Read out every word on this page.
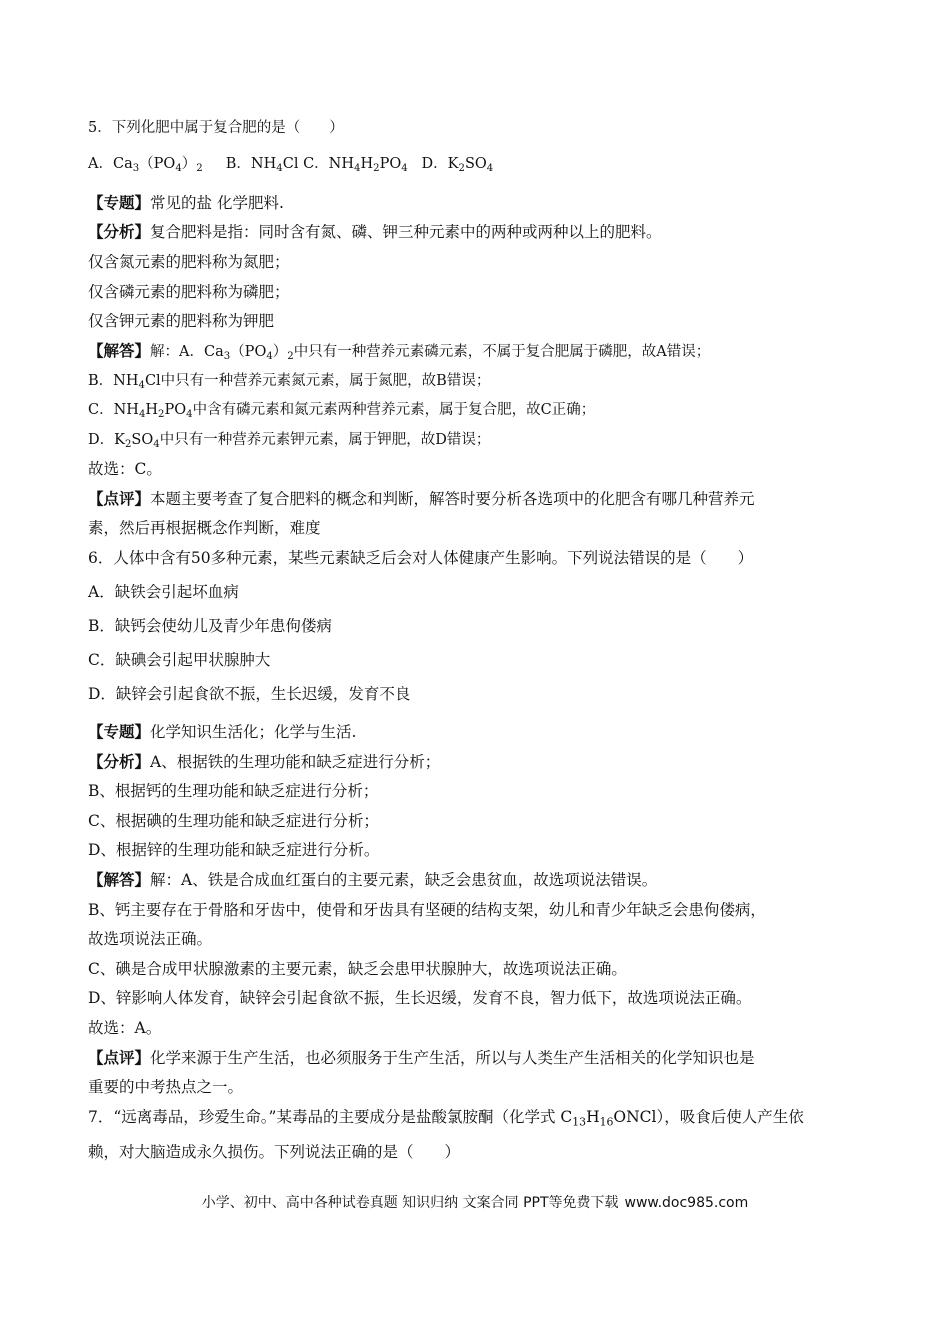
5．下列化肥中属于复合肥的是（　　）
A．$Ca_3(PO_4)_2$ B．$NH_4Cl$ C．$NH_4H_2PO_4$ D．$K_2SO_4$
【专题】常见的盐 化学肥料.
【分析】复合肥料是指：同时含有氮、磷、钾三种元素中的两种或两种以上的肥料。
仅含氮元素的肥料称为氮肥；
仅含磷元素的肥料称为磷肥；
仅含钾元素的肥料称为钾肥
【解答】解：A．$Ca_3(PO_4)_2$中只有一种营养元素磷元素，不属于复合肥属于磷肥，故A错误；
B．$NH_4Cl$中只有一种营养元素氮元素，属于氮肥，故B错误；
C．$NH_4H_2PO_4$中含有磷元素和氮元素两种营养元素，属于复合肥，故C正确；
D．$K_2SO_4$中只有一种营养元素钾元素，属于钾肥，故D错误；
故选：C。
【点评】本题主要考查了复合肥料的概念和判断，解答时要分析各选项中的化肥含有哪几种营养元
素，然后再根据概念作判断，难度
6．人体中含有50多种元素，某些元素缺乏后会对人体健康产生影响。下列说法错误的是（　　）
A．缺铁会引起坏血病
B．缺钙会使幼儿及青少年患佝偻病
C．缺碘会引起甲状腺肿大
D．缺锌会引起食欲不振，生长迟缓，发育不良
【专题】化学知识生活化；化学与生活.
【分析】A、根据铁的生理功能和缺乏症进行分析；
B、根据钙的生理功能和缺乏症进行分析；
C、根据碘的生理功能和缺乏症进行分析；
D、根据锌的生理功能和缺乏症进行分析。
【解答】解：A、铁是合成血红蛋白的主要元素，缺乏会患贫血，故选项说法错误。
B、钙主要存在于骨胳和牙齿中，使骨和牙齿具有坚硬的结构支架，幼儿和青少年缺乏会患佝偻病，
故选项说法正确。
C、碘是合成甲状腺激素的主要元素，缺乏会患甲状腺肿大，故选项说法正确。
D、锌影响人体发育，缺锌会引起食欲不振，生长迟缓，发育不良，智力低下，故选项说法正确。
故选：A。
【点评】化学来源于生产生活，也必须服务于生产生活，所以与人类生产生活相关的化学知识也是
重要的中考热点之一。
7．“远离毒品，珍爱生命。”某毒品的主要成分是盐酸氯胺酮（化学式 $C_{13}H_{16}ONCl$），吸食后使人产生依
赖，对大脑造成永久损伤。下列说法正确的是（　　）
小学、初中、高中各种试卷真题 知识归纳 文案合同 PPT等免费下载 www.doc985.com
